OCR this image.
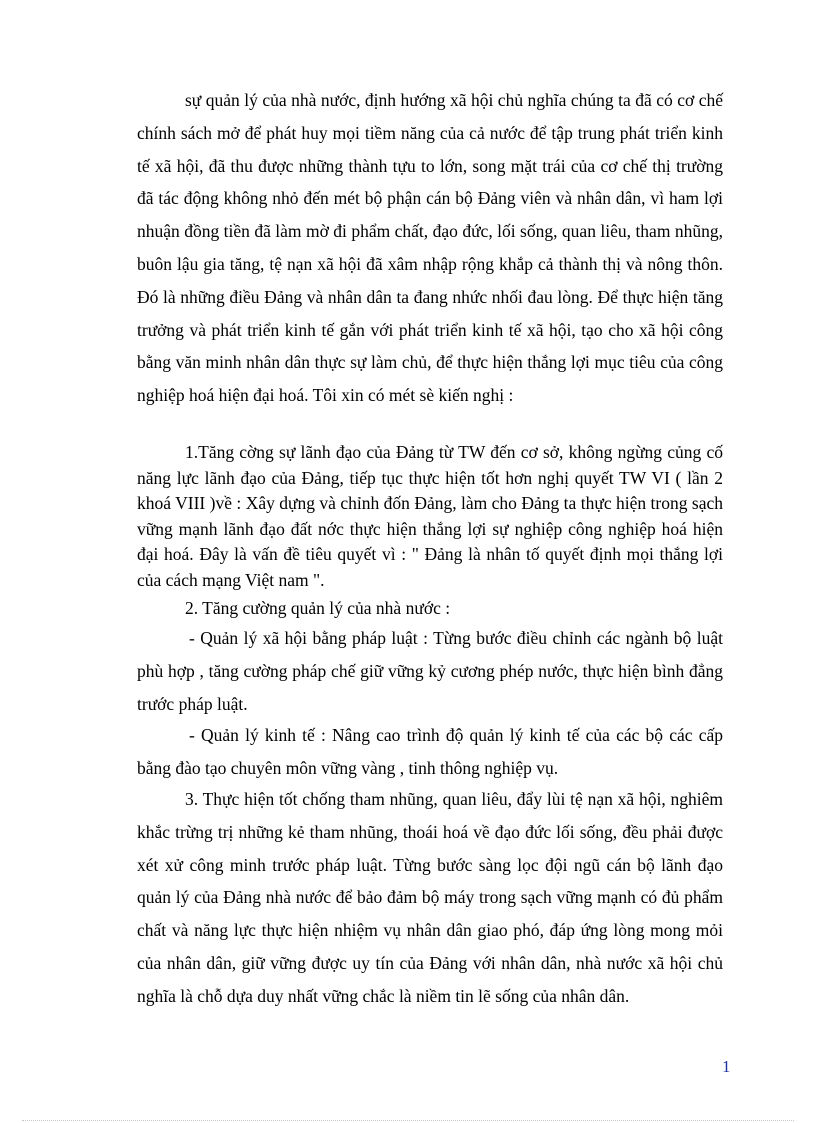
sự quản lý của nhà nước, định hướng xã hội chủ nghĩa chúng ta đã có cơ chế chính sách mở để phát huy mọi tiềm năng của cả nước để tập trung phát triển kinh tế xã hội, đã thu được những thành tựu to lớn, song mặt trái của cơ chế thị trường đã tác động không nhỏ đến mét bộ phận cán bộ Đảng viên và nhân dân, vì ham lợi nhuận đồng tiền đã làm mờ đi phẩm chất, đạo đức, lối sống, quan liêu, tham nhũng, buôn lậu gia tăng, tệ nạn xã hội đã xâm nhập rộng khắp cả thành thị và nông thôn. Đó là những điều Đảng và nhân dân ta đang nhức nhối đau lòng. Để thực hiện tăng trưởng và phát triển kinh tế gắn với phát triển kinh tế xã hội, tạo cho xã hội công bằng văn minh nhân dân thực sự làm chủ, để thực hiện thắng lợi mục tiêu của công nghiệp hoá hiện đại hoá. Tôi xin có mét sè kiến nghị :

1.Tăng cờng sự lãnh đạo của Đảng từ TW đến cơ sở, không ngừng củng cố năng lực lãnh đạo của Đảng, tiếp tục thực hiện tốt hơn nghị quyết TW VI ( lần 2 khoá VIII )về : Xây dựng và chỉnh đốn Đảng, làm cho Đảng ta thực hiện trong sạch vững mạnh lãnh đạo đất nớc thực hiện thắng lợi sự nghiệp công nghiệp hoá hiện đại hoá. Đây là vấn đề tiêu quyết vì : " Đảng là nhân tố quyết định mọi thắng lợi của cách mạng Việt nam ".

2. Tăng cường quản lý của nhà nước :

- Quản lý xã hội bằng pháp luật : Từng bước điều chỉnh các ngành bộ luật phù hợp , tăng cường pháp chế giữ vững kỷ cương phép nước, thực hiện bình đẳng trước pháp luật.

- Quản lý kinh tế : Nâng cao trình độ quản lý kinh tế của các bộ các cấp bằng đào tạo chuyên môn vững vàng , tinh thông nghiệp vụ.

3. Thực hiện tốt chống tham nhũng, quan liêu, đẩy lùi tệ nạn xã hội, nghiêm khắc trừng trị những kẻ tham nhũng, thoái hoá về đạo đức lối sống, đều phải được xét xử công minh trước pháp luật. Từng bước sàng lọc đội ngũ cán bộ lãnh đạo quản lý của Đảng nhà nước để bảo đảm bộ máy trong sạch vững mạnh có đủ phẩm chất và năng lực thực hiện nhiệm vụ nhân dân giao phó, đáp ứng lòng mong mỏi của nhân dân, giữ vững được uy tín của Đảng với nhân dân, nhà nước xã hội chủ nghĩa là chỗ dựa duy nhất vững chắc là niềm tin lẽ sống của nhân dân.

1
